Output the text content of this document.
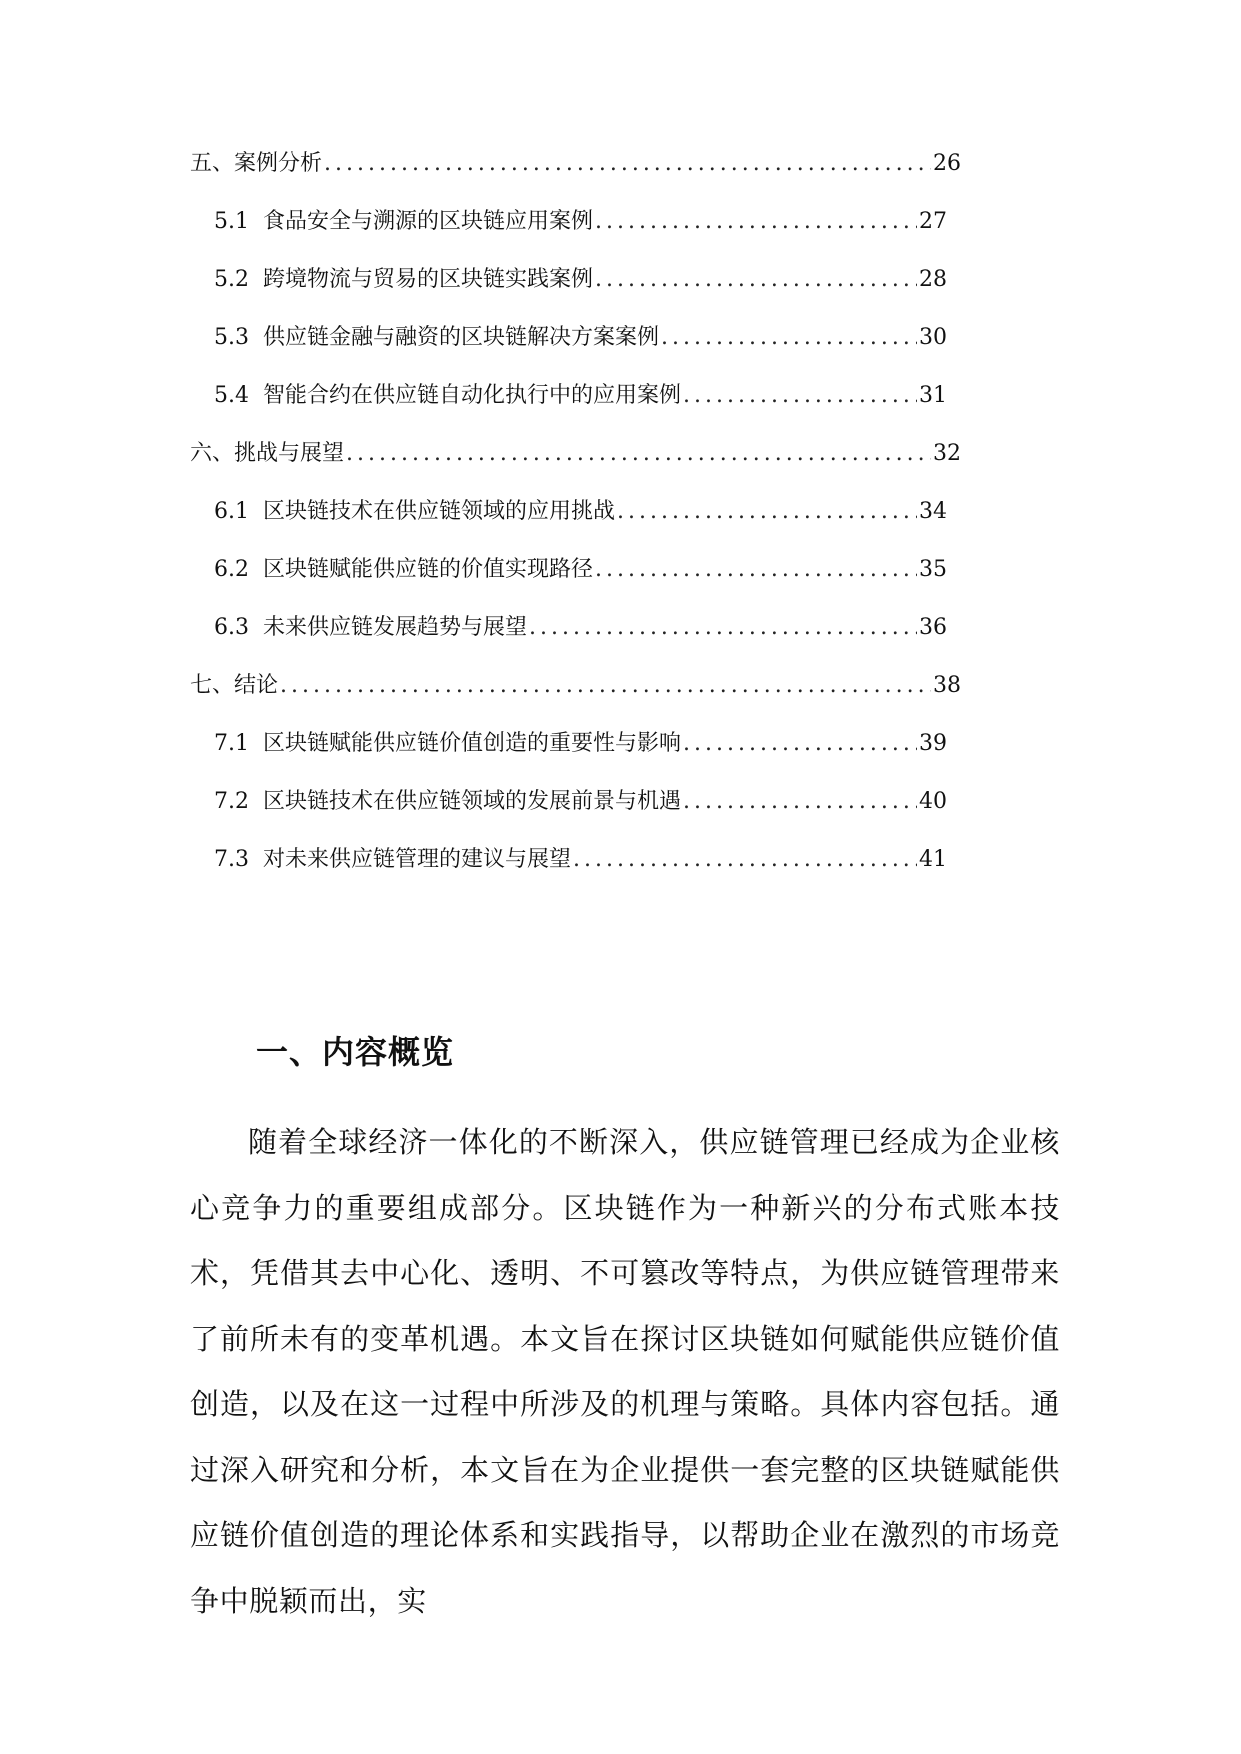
五、案例分析 .....	26
5.1 食品安全与溯源的区块链应用案例 .....	27
5.2 跨境物流与贸易的区块链实践案例 .....	28
5.3 供应链金融与融资的区块链解决方案案例 .....	30
5.4 智能合约在供应链自动化执行中的应用案例 .....	31
六、挑战与展望 .....	32
6.1 区块链技术在供应链领域的应用挑战 .....	34
6.2 区块链赋能供应链的价值实现路径 .....	35
6.3 未来供应链发展趋势与展望 .....	36
七、结论 .....	38
7.1 区块链赋能供应链价值创造的重要性与影响 .....	39
7.2 区块链技术在供应链领域的发展前景与机遇 .....	40
7.3 对未来供应链管理的建议与展望 .....	41
一、内容概览

随着全球经济一体化的不断深入，供应链管理已经成为企业核心竞争力的重要组成部分。区块链作为一种新兴的分布式账本技术，凭借其去中心化、透明、不可篡改等特点，为供应链管理带来了前所未有的变革机遇。本文旨在探讨区块链如何赋能供应链价值创造，以及在这一过程中所涉及的机理与策略。具体内容包括。通过深入研究和分析，本文旨在为企业提供一套完整的区块链赋能供应链价值创造的理论体系和实践指导，以帮助企业在激烈的市场竞争中脱颖而出，实
